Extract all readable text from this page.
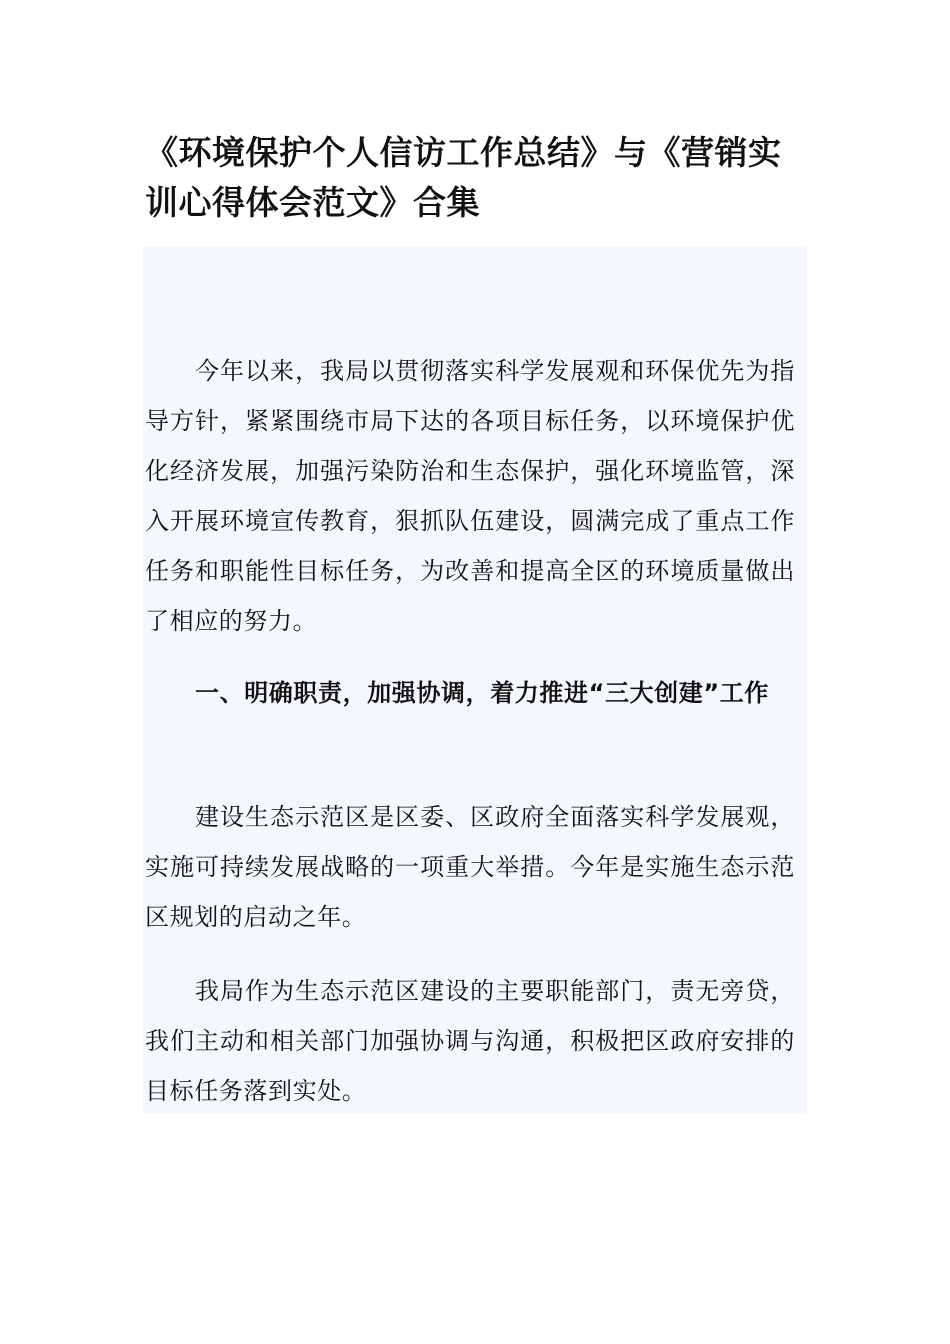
《环境保护个人信访工作总结》与《营销实训心得体会范文》合集

今年以来，我局以贯彻落实科学发展观和环保优先为指导方针，紧紧围绕市局下达的各项目标任务，以环境保护优化经济发展，加强污染防治和生态保护，强化环境监管，深入开展环境宣传教育，狠抓队伍建设，圆满完成了重点工作任务和职能性目标任务，为改善和提高全区的环境质量做出了相应的努力。

一、明确职责，加强协调，着力推进“三大创建”工作

建设生态示范区是区委、区政府全面落实科学发展观，实施可持续发展战略的一项重大举措。今年是实施生态示范区规划的启动之年。

我局作为生态示范区建设的主要职能部门，责无旁贷，我们主动和相关部门加强协调与沟通，积极把区政府安排的目标任务落到实处。
